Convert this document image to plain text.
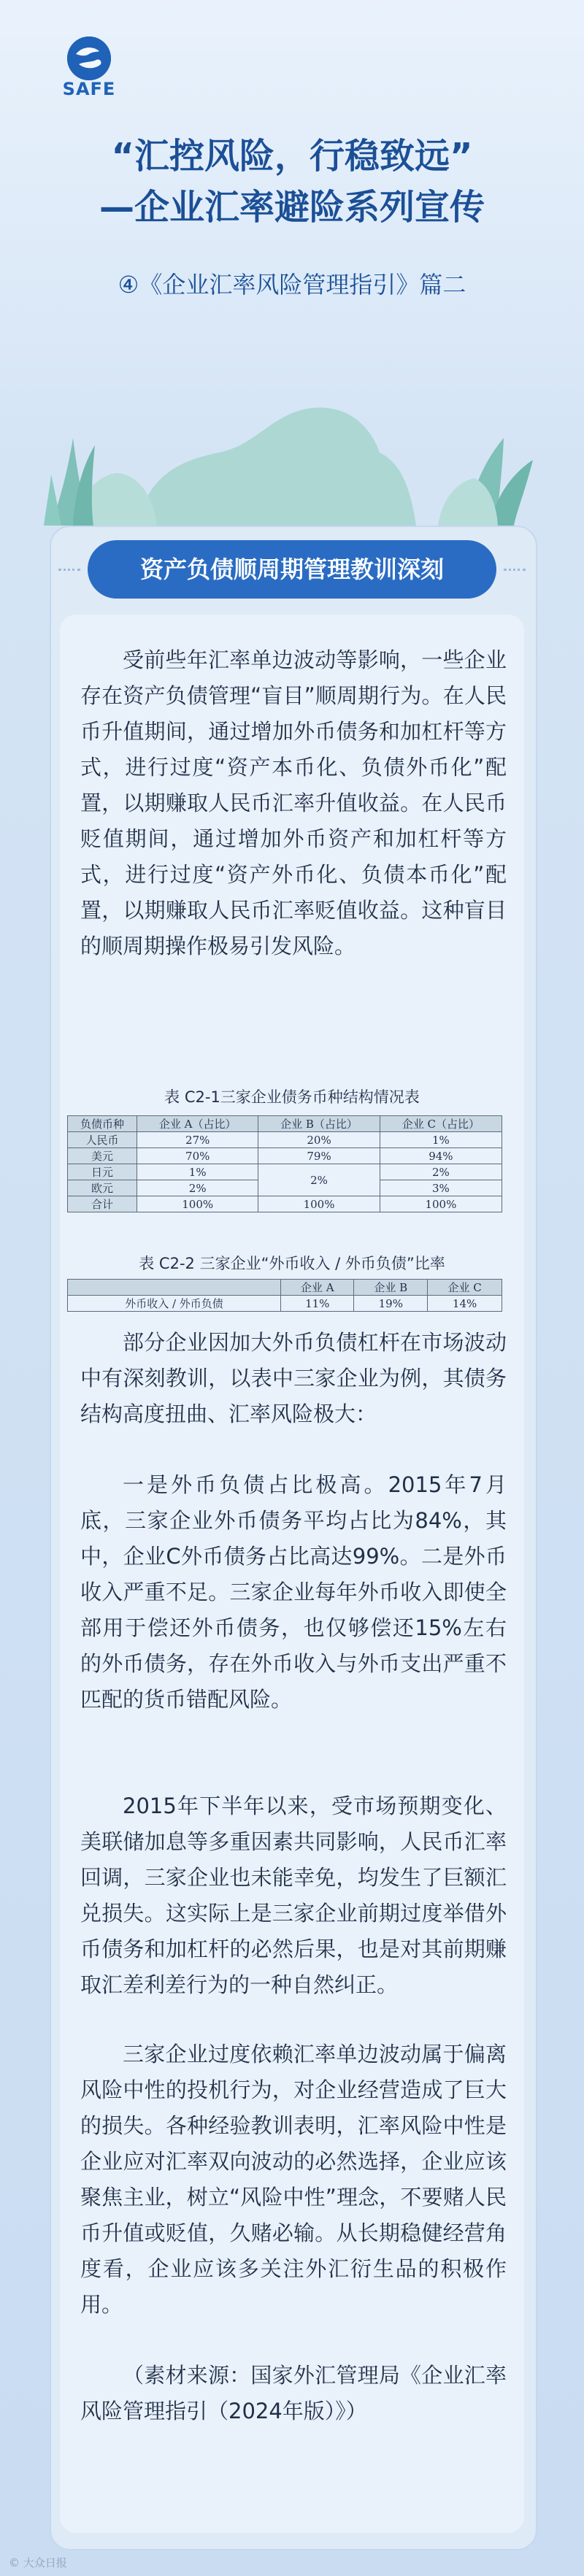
SAFE
“汇控风险，行稳致远”
—企业汇率避险系列宣传
④《企业汇率风险管理指引》篇二
资产负债顺周期管理教训深刻

受前些年汇率单边波动等影响，一些企业存在资产负债管理“盲目”顺周期行为。在人民币升值期间，通过增加外币债务和加杠杆等方式，进行过度“资产本币化、负债外币化”配置，以期赚取人民币汇率升值收益。在人民币贬值期间，通过增加外币资产和加杠杆等方式，进行过度“资产外币化、负债本币化”配置，以期赚取人民币汇率贬值收益。这种盲目的顺周期操作极易引发风险。

表 C2-1三家企业债务币种结构情况表
负债币种	企业 A（占比）	企业 B（占比）	企业 C（占比）
人民币	27%	20%	1%
美元	70%	79%	94%
日元	1%	2%	2%
欧元	2%		3%
合计	100%	100%	100%
表 C2-2 三家企业“外币收入 / 外币负债”比率
	企业 A	企业 B	企业 C
外币收入 / 外币负债	11%	19%	14%

部分企业因加大外币负债杠杆在市场波动中有深刻教训，以表中三家企业为例，其债务结构高度扭曲、汇率风险极大：

一是外币负债占比极高。2015年7月底，三家企业外币债务平均占比为84%，其中，企业C外币债务占比高达99%。二是外币收入严重不足。三家企业每年外币收入即使全部用于偿还外币债务，也仅够偿还15%左右的外币债务，存在外币收入与外币支出严重不匹配的货币错配风险。

2015年下半年以来，受市场预期变化、美联储加息等多重因素共同影响，人民币汇率回调，三家企业也未能幸免，均发生了巨额汇兑损失。这实际上是三家企业前期过度举借外币债务和加杠杆的必然后果，也是对其前期赚取汇差利差行为的一种自然纠正。

三家企业过度依赖汇率单边波动属于偏离风险中性的投机行为，对企业经营造成了巨大的损失。各种经验教训表明，汇率风险中性是企业应对汇率双向波动的必然选择，企业应该聚焦主业，树立“风险中性”理念，不要赌人民币升值或贬值，久赌必输。从长期稳健经营角度看，企业应该多关注外汇衍生品的积极作用。

（素材来源：国家外汇管理局《企业汇率风险管理指引（2024年版）》）

© 大众日报
